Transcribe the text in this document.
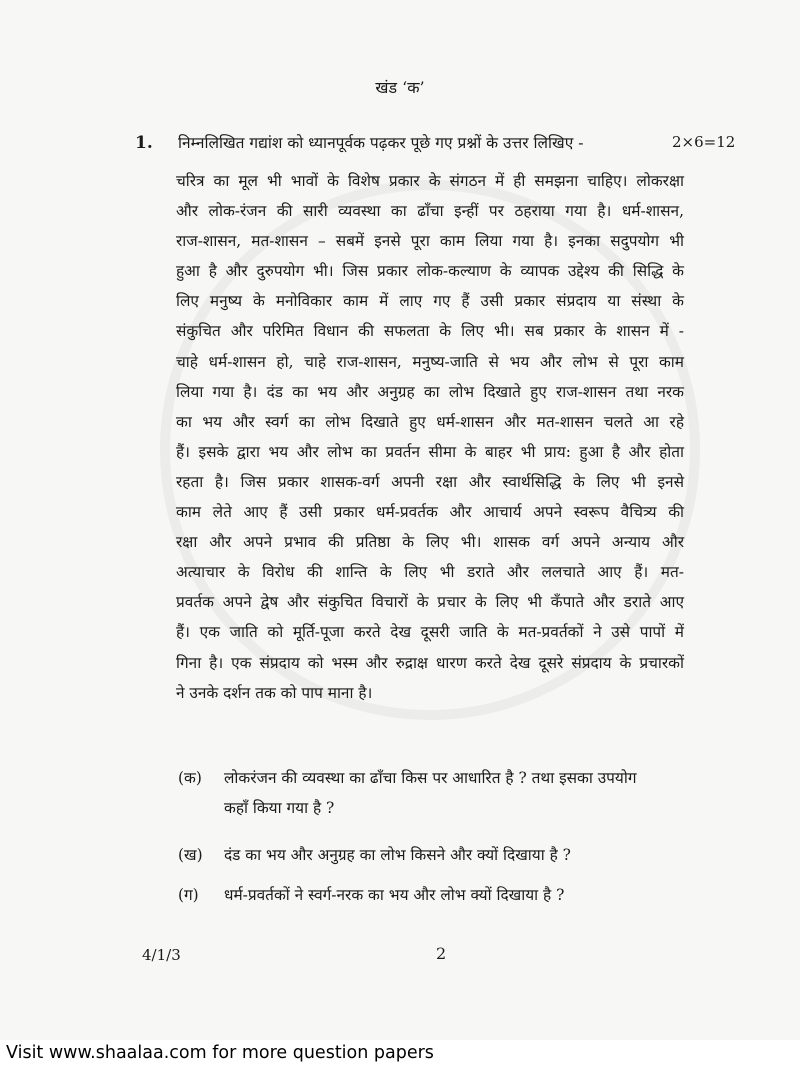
खंड ‘क’
1. निम्नलिखित गद्यांश को ध्यानपूर्वक पढ़कर पूछे गए प्रश्नों के उत्तर लिखिए -	2×6=12
चरित्र का मूल भी भावों के विशेष प्रकार के संगठन में ही समझना चाहिए। लोकरक्षा
और लोक-रंजन की सारी व्यवस्था का ढाँचा इन्हीं पर ठहराया गया है। धर्म-शासन,
राज-शासन, मत-शासन – सबमें इनसे पूरा काम लिया गया है। इनका सदुपयोग भी
हुआ है और दुरुपयोग भी। जिस प्रकार लोक-कल्याण के व्यापक उद्देश्य की सिद्धि के
लिए मनुष्य के मनोविकार काम में लाए गए हैं उसी प्रकार संप्रदाय या संस्था के
संकुचित और परिमित विधान की सफलता के लिए भी। सब प्रकार के शासन में -
चाहे धर्म-शासन हो, चाहे राज-शासन, मनुष्य-जाति से भय और लोभ से पूरा काम
लिया गया है। दंड का भय और अनुग्रह का लोभ दिखाते हुए राज-शासन तथा नरक
का भय और स्वर्ग का लोभ दिखाते हुए धर्म-शासन और मत-शासन चलते आ रहे
हैं। इसके द्वारा भय और लोभ का प्रवर्तन सीमा के बाहर भी प्राय: हुआ है और होता
रहता है। जिस प्रकार शासक-वर्ग अपनी रक्षा और स्वार्थसिद्धि के लिए भी इनसे
काम लेते आए हैं उसी प्रकार धर्म-प्रवर्तक और आचार्य अपने स्वरूप वैचित्र्य की
रक्षा और अपने प्रभाव की प्रतिष्ठा के लिए भी। शासक वर्ग अपने अन्याय और
अत्याचार के विरोध की शान्ति के लिए भी डराते और ललचाते आए हैं। मत-
प्रवर्तक अपने द्वेष और संकुचित विचारों के प्रचार के लिए भी कँपाते और डराते आए
हैं। एक जाति को मूर्ति-पूजा करते देख दूसरी जाति के मत-प्रवर्तकों ने उसे पापों में
गिना है। एक संप्रदाय को भस्म और रुद्राक्ष धारण करते देख दूसरे संप्रदाय के प्रचारकों
ने उनके दर्शन तक को पाप माना है।
(क) लोकरंजन की व्यवस्था का ढाँचा किस पर आधारित है ? तथा इसका उपयोग
कहाँ किया गया है ?
(ख) दंड का भय और अनुग्रह का लोभ किसने और क्यों दिखाया है ?
(ग) धर्म-प्रवर्तकों ने स्वर्ग-नरक का भय और लोभ क्यों दिखाया है ?
4/1/3	2
Visit www.shaalaa.com for more question papers
